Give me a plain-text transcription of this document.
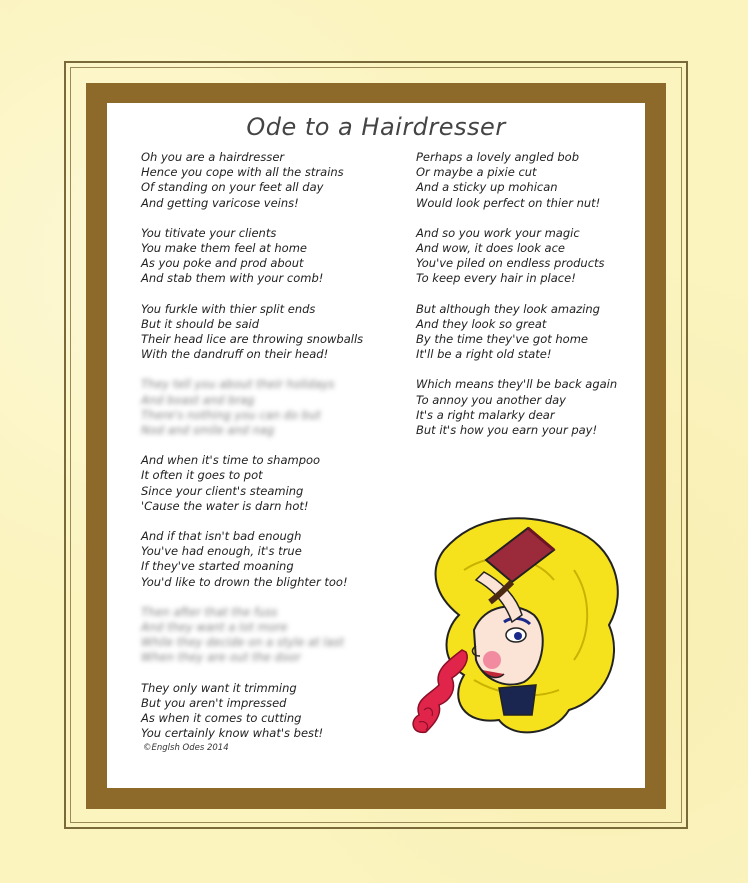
Ode to a Hairdresser
Oh you are a hairdresser
Hence you cope with all the strains
Of standing on your feet all day
And getting varicose veins!
You titivate your clients
You make them feel at home
As you poke and prod about
And stab them with your comb!
You furkle with thier split ends
But it should be said
Their head lice are throwing snowballs
With the dandruff on their head!
They tell you about their holidays
And boast and brag
There's nothing you can do but
Nod and smile and nag
And when it's time to shampoo
It often it goes to pot
Since your client's steaming
'Cause the water is darn hot!
And if that isn't bad enough
You've had enough, it's true
If they've started moaning
You'd like to drown the blighter too!
Then after that the fuss
And they want a lot more
While they decide on a style at last
When they are out the door
They only want it trimming
But you aren't impressed
As when it comes to cutting
You certainly know what's best!
Perhaps a lovely angled bob
Or maybe a pixie cut
And a sticky up mohican
Would look perfect on thier nut!
And so you work your magic
And wow, it does look ace
You've piled on endless products
To keep every hair in place!
But although they look amazing
And they look so great
By the time they've got home
It'll be a right old state!
Which means they'll be back again
To annoy you another day
It's a right malarky dear
But it's how you earn your pay!
©Englsh Odes 2014
